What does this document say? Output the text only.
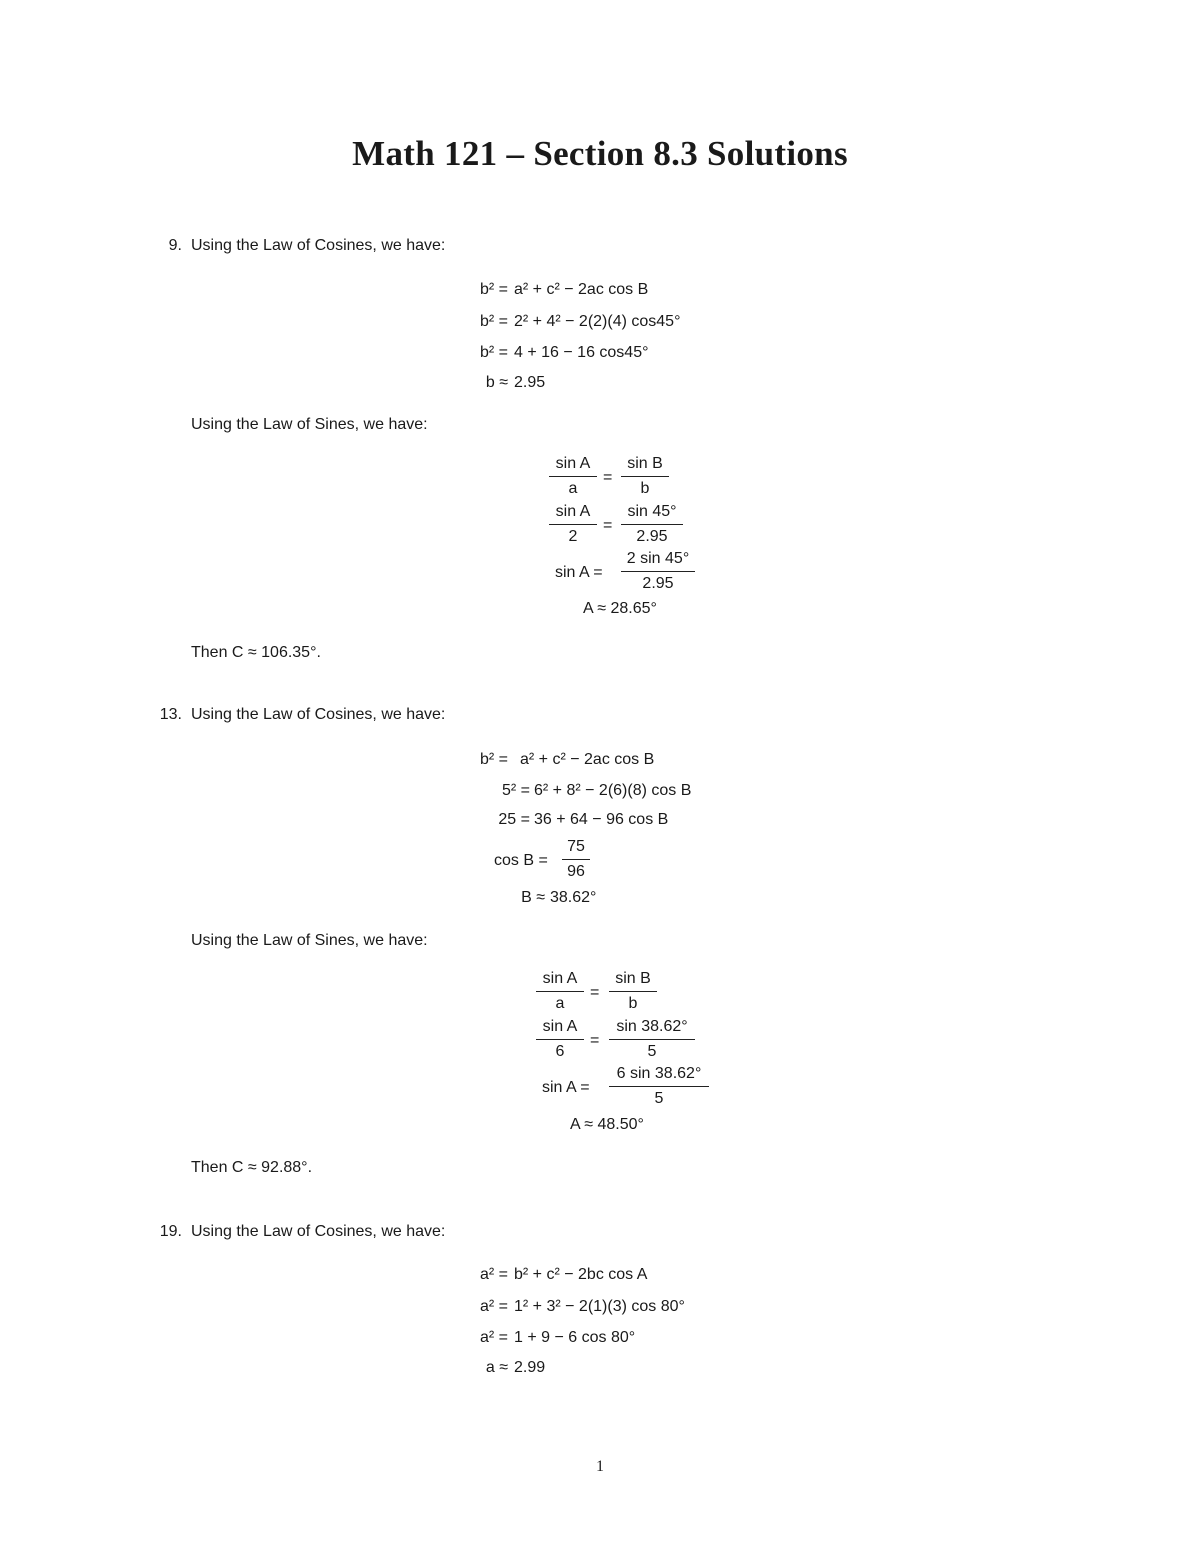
Math 121 – Section 8.3 Solutions
9. Using the Law of Cosines, we have:
b² = a² + c² − 2ac cos B
b² = 2² + 4² − 2(2)(4) cos45°
b² = 4 + 16 − 16 cos45°
b ≈ 2.95
Using the Law of Sines, we have:
$\frac{\text{sin A}}{a} = \frac{\text{sin B}}{b}$
$\frac{\text{sin A}}{2} = \frac{\sin 45^\circ}{2.95}$
$\sin A = \frac{2 \sin 45^\circ}{2.95}$
A ≈ 28.65°
Then C ≈ 106.35°.
13. Using the Law of Cosines, we have:
b² = a² + c² − 2ac cos B
5² = 6² + 8² − 2(6)(8) cos B
25 = 36 + 64 − 96 cos B
$\cos B = \frac{75}{96}$
B ≈ 38.62°
Using the Law of Sines, we have:
$\frac{\text{sin A}}{a} = \frac{\text{sin B}}{b}$
$\frac{\text{sin A}}{6} = \frac{\sin 38.62^\circ}{5}$
$\sin A = \frac{6 \sin 38.62^\circ}{5}$
A ≈ 48.50°
Then C ≈ 92.88°.
19. Using the Law of Cosines, we have:
a² = b² + c² − 2bc cos A
a² = 1² + 3² − 2(1)(3) cos 80°
a² = 1 + 9 − 6 cos 80°
a ≈ 2.99
1
